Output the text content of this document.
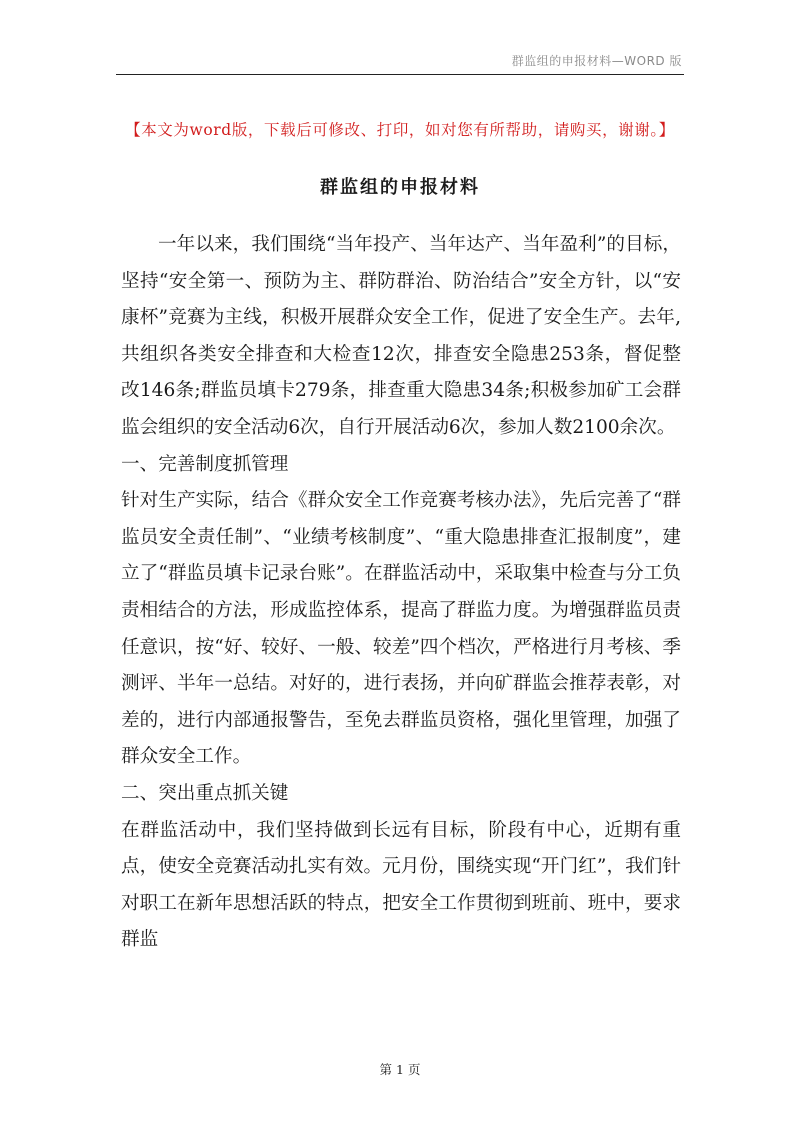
群监组的申报材料—WORD 版
【本文为word版，下载后可修改、打印，如对您有所帮助，请购买，谢谢。】
群监组的申报材料

一年以来，我们围绕“当年投产、当年达产、当年盈利”的目标，坚持“安全第一、预防为主、群防群治、防治结合”安全方针，以“安康杯”竞赛为主线，积极开展群众安全工作，促进了安全生产。去年,共组织各类安全排查和大检查12次，排查安全隐患253条，督促整改146条;群监员填卡279条，排查重大隐患34条;积极参加矿工会群监会组织的安全活动6次，自行开展活动6次，参加人数2100余次。

一、完善制度抓管理

针对生产实际，结合《群众安全工作竞赛考核办法》，先后完善了“群监员安全责任制”、“业绩考核制度”、“重大隐患排查汇报制度”，建立了“群监员填卡记录台账”。在群监活动中，采取集中检查与分工负责相结合的方法，形成监控体系，提高了群监力度。为增强群监员责任意识，按“好、较好、一般、较差”四个档次，严格进行月考核、季测评、半年一总结。对好的，进行表扬，并向矿群监会推荐表彰，对差的，进行内部通报警告，至免去群监员资格，强化里管理，加强了群众安全工作。

二、突出重点抓关键

在群监活动中，我们坚持做到长远有目标，阶段有中心，近期有重点，使安全竞赛活动扎实有效。元月份，围绕实现“开门红”，我们针对职工在新年思想活跃的特点，把安全工作贯彻到班前、班中，要求群监

第 1 页
